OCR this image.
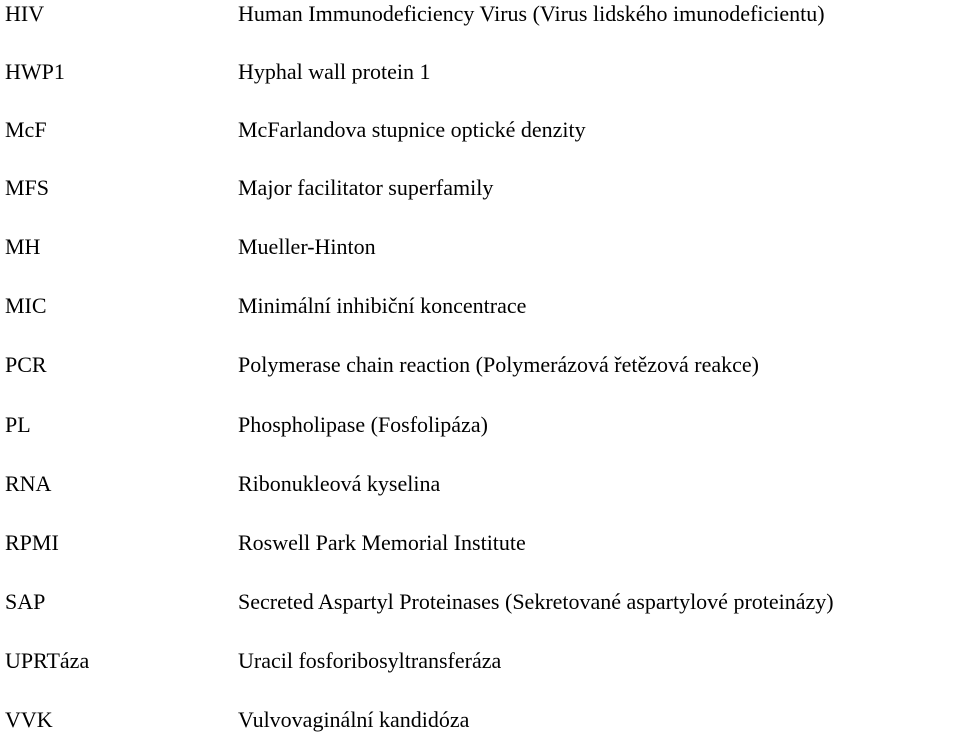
HIV	Human Immunodeficiency Virus (Virus lidského imunodeficientu)
HWP1	Hyphal wall protein 1
McF	McFarlandova stupnice optické denzity
MFS	Major facilitator superfamily
MH	Mueller-Hinton
MIC	Minimální inhibiční koncentrace
PCR	Polymerase chain reaction (Polymerázová řetězová reakce)
PL	Phospholipase (Fosfolipáza)
RNA	Ribonukleová kyselina
RPMI	Roswell Park Memorial Institute
SAP	Secreted Aspartyl Proteinases (Sekretované aspartylové proteinázy)
UPRTáza	Uracil fosforibosyltransferáza
VVK	Vulvovaginální kandidóza
